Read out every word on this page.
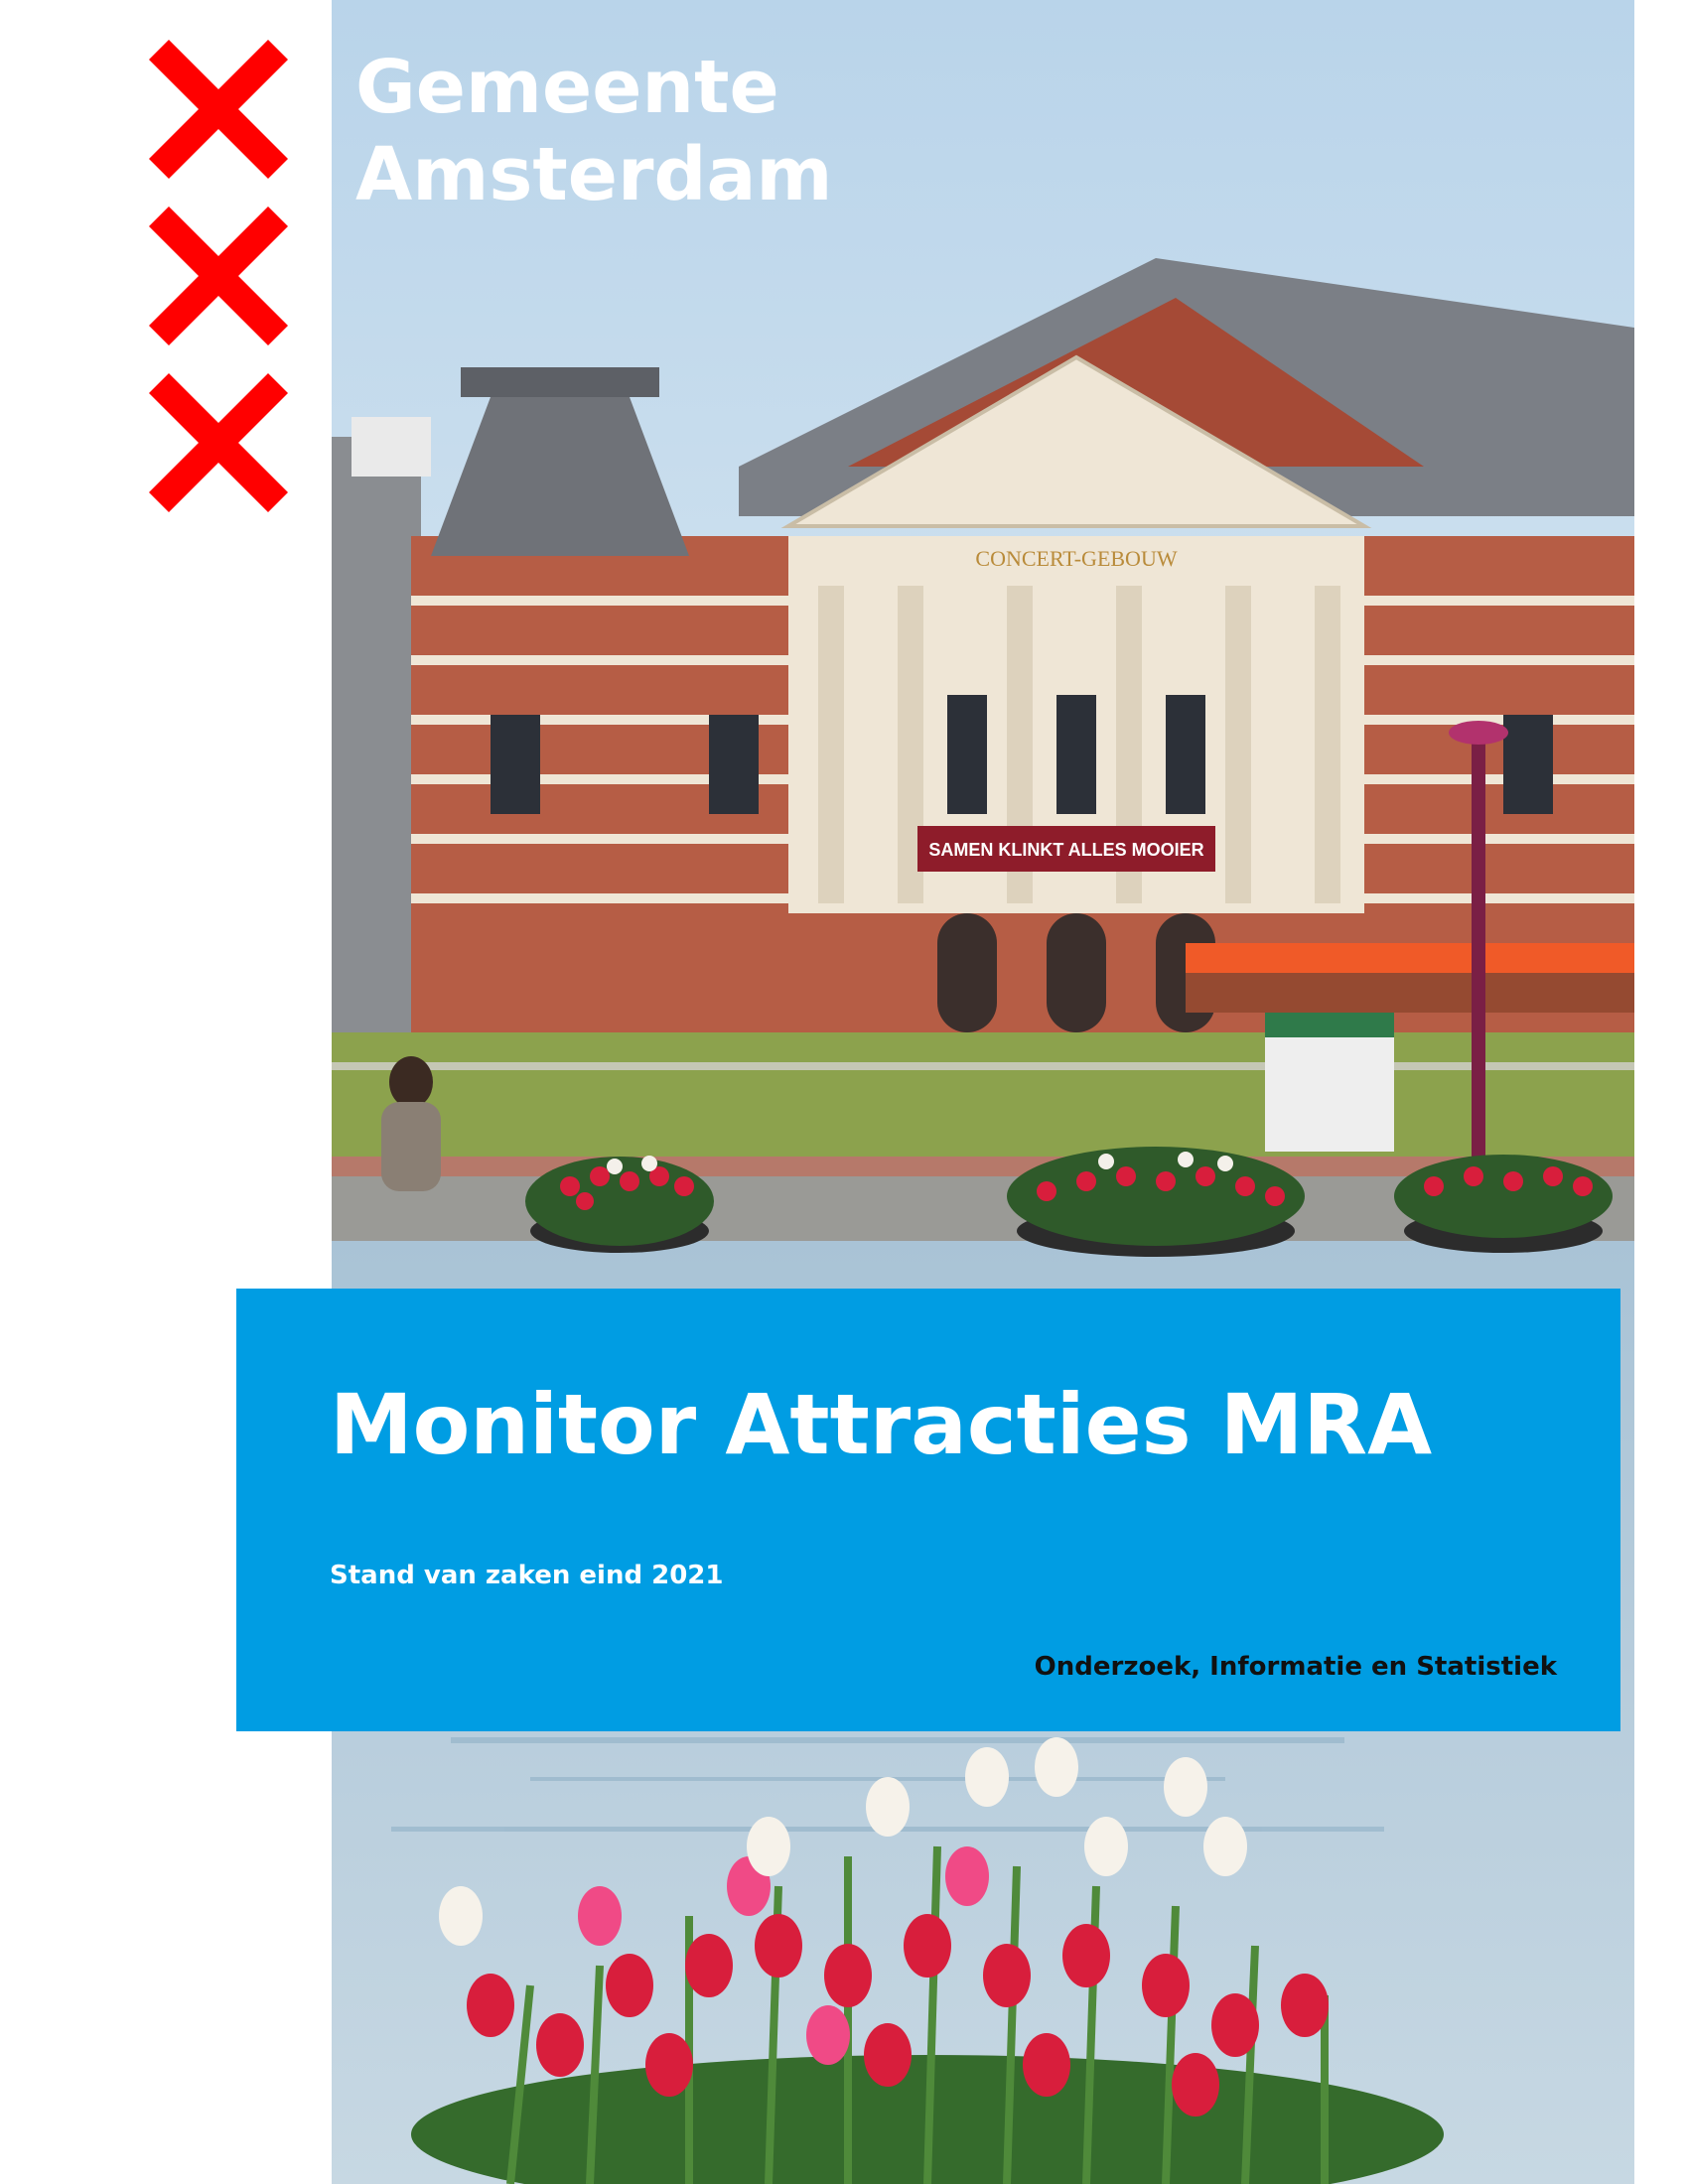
SAMEN KLINKT ALLES MOOIER
CONCERT-GEBOUW
Gemeente
Amsterdam
Monitor Attracties MRA
Stand van zaken eind 2021
Onderzoek, Informatie en Statistiek
